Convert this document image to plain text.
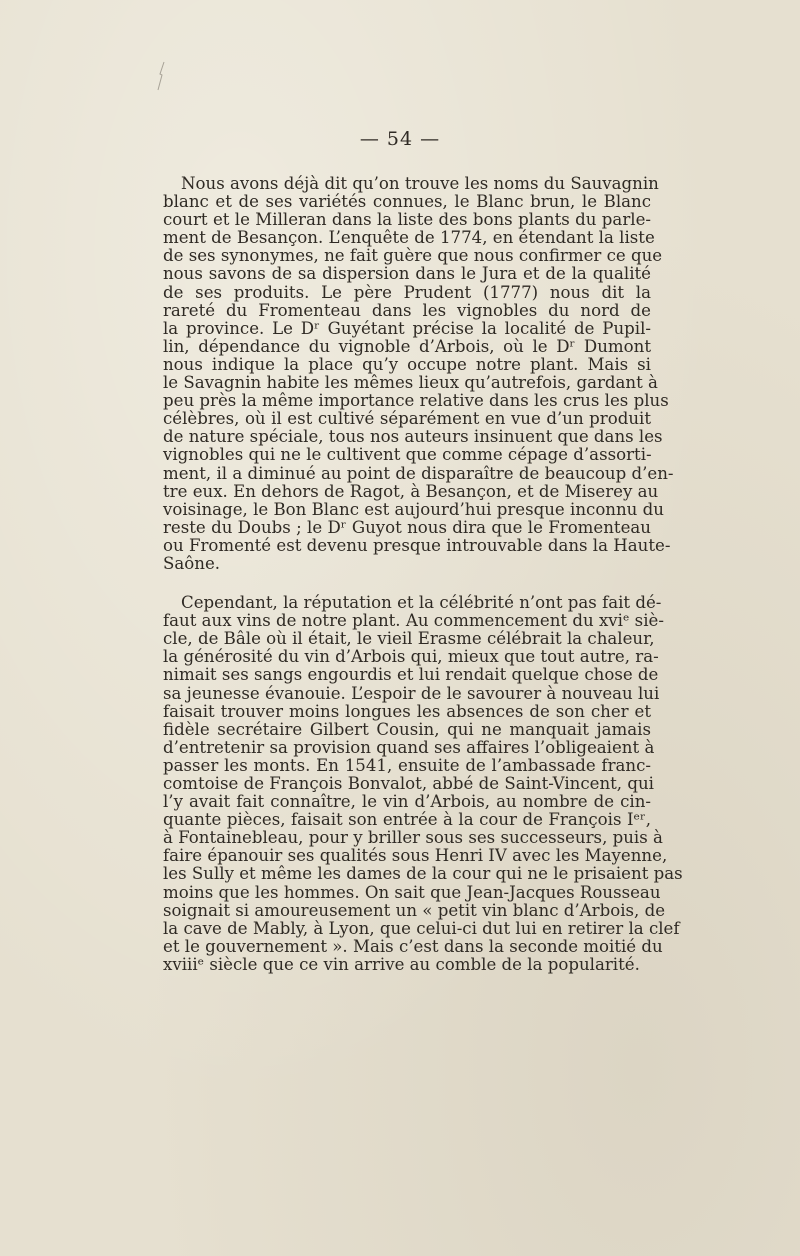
— 54 —
Nous avons déjà dit qu’on trouve les noms du Sauvagnin
blanc et de ses variétés connues, le Blanc brun, le Blanc
court et le Milleran dans la liste des bons plants du parle-
ment de Besançon. L’enquête de 1774, en étendant la liste
de ses synonymes, ne fait guère que nous confirmer ce que
nous savons de sa dispersion dans le Jura et de la qualité
de ses produits. Le père Prudent (1777) nous dit la
rareté du Fromenteau dans les vignobles du nord de
la province. Le Dʳ Guyétant précise la localité de Pupil-
lin, dépendance du vignoble d’Arbois, où le Dʳ Dumont
nous indique la place qu’y occupe notre plant. Mais si
le Savagnin habite les mêmes lieux qu’autrefois, gardant à
peu près la même importance relative dans les crus les plus
célèbres, où il est cultivé séparément en vue d’un produit
de nature spéciale, tous nos auteurs insinuent que dans les
vignobles qui ne le cultivent que comme cépage d’assorti-
ment, il a diminué au point de disparaître de beaucoup d’en-
tre eux. En dehors de Ragot, à Besançon, et de Miserey au
voisinage, le Bon Blanc est aujourd’hui presque inconnu du
reste du Doubs ; le Dʳ Guyot nous dira que le Fromenteau
ou Fromenté est devenu presque introuvable dans la Haute-
Saône.
Cependant, la réputation et la célébrité n’ont pas fait dé-
faut aux vins de notre plant. Au commencement du xviᵉ siè-
cle, de Bâle où il était, le vieil Erasme célébrait la chaleur,
la générosité du vin d’Arbois qui, mieux que tout autre, ra-
nimait ses sangs engourdis et lui rendait quelque chose de
sa jeunesse évanouie. L’espoir de le savourer à nouveau lui
faisait trouver moins longues les absences de son cher et
fidèle secrétaire Gilbert Cousin, qui ne manquait jamais
d’entretenir sa provision quand ses affaires l’obligeaient à
passer les monts. En 1541, ensuite de l’ambassade franc-
comtoise de François Bonvalot, abbé de Saint-Vincent, qui
l’y avait fait connaître, le vin d’Arbois, au nombre de cin-
quante pièces, faisait son entrée à la cour de François Iᵉʳ,
à Fontainebleau, pour y briller sous ses successeurs, puis à
faire épanouir ses qualités sous Henri IV avec les Mayenne,
les Sully et même les dames de la cour qui ne le prisaient pas
moins que les hommes. On sait que Jean-Jacques Rousseau
soignait si amoureusement un « petit vin blanc d’Arbois, de
la cave de Mably, à Lyon, que celui-ci dut lui en retirer la clef
et le gouvernement ». Mais c’est dans la seconde moitié du
xviiiᵉ siècle que ce vin arrive au comble de la popularité.
